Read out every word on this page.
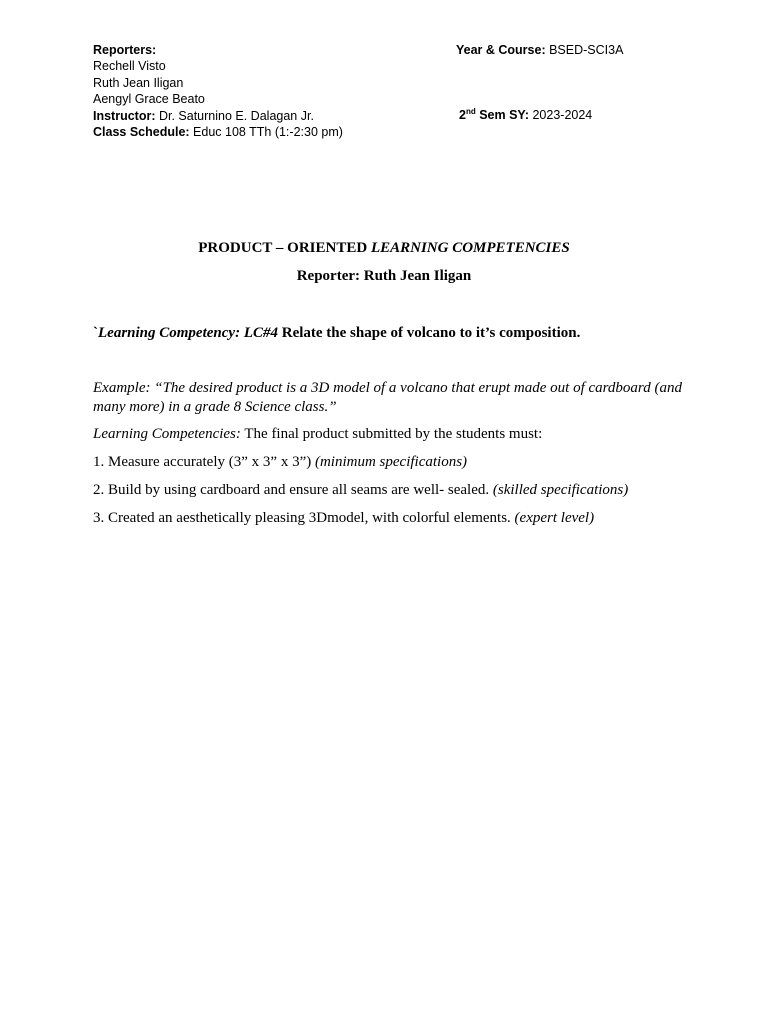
Reporters:
Rechell Visto
Ruth Jean Iligan
Aengyl Grace Beato
Instructor: Dr. Saturnino E. Dalagan Jr.
Class Schedule: Educ 108 TTh (1:-2:30 pm)
Year & Course: BSED-SCI3A
2nd Sem SY: 2023-2024
PRODUCT – ORIENTED LEARNING COMPETENCIES
Reporter: Ruth Jean Iligan
`Learning Competency: LC#4 Relate the shape of volcano to it’s composition.
Example: “The desired product is a 3D model of a volcano that erupt made out of cardboard (and many more) in a grade 8 Science class.”
Learning Competencies: The final product submitted by the students must:
1. Measure accurately (3” x 3” x 3”) (minimum specifications)
2. Build by using cardboard and ensure all seams are well- sealed. (skilled specifications)
3. Created an aesthetically pleasing 3Dmodel, with colorful elements. (expert level)
